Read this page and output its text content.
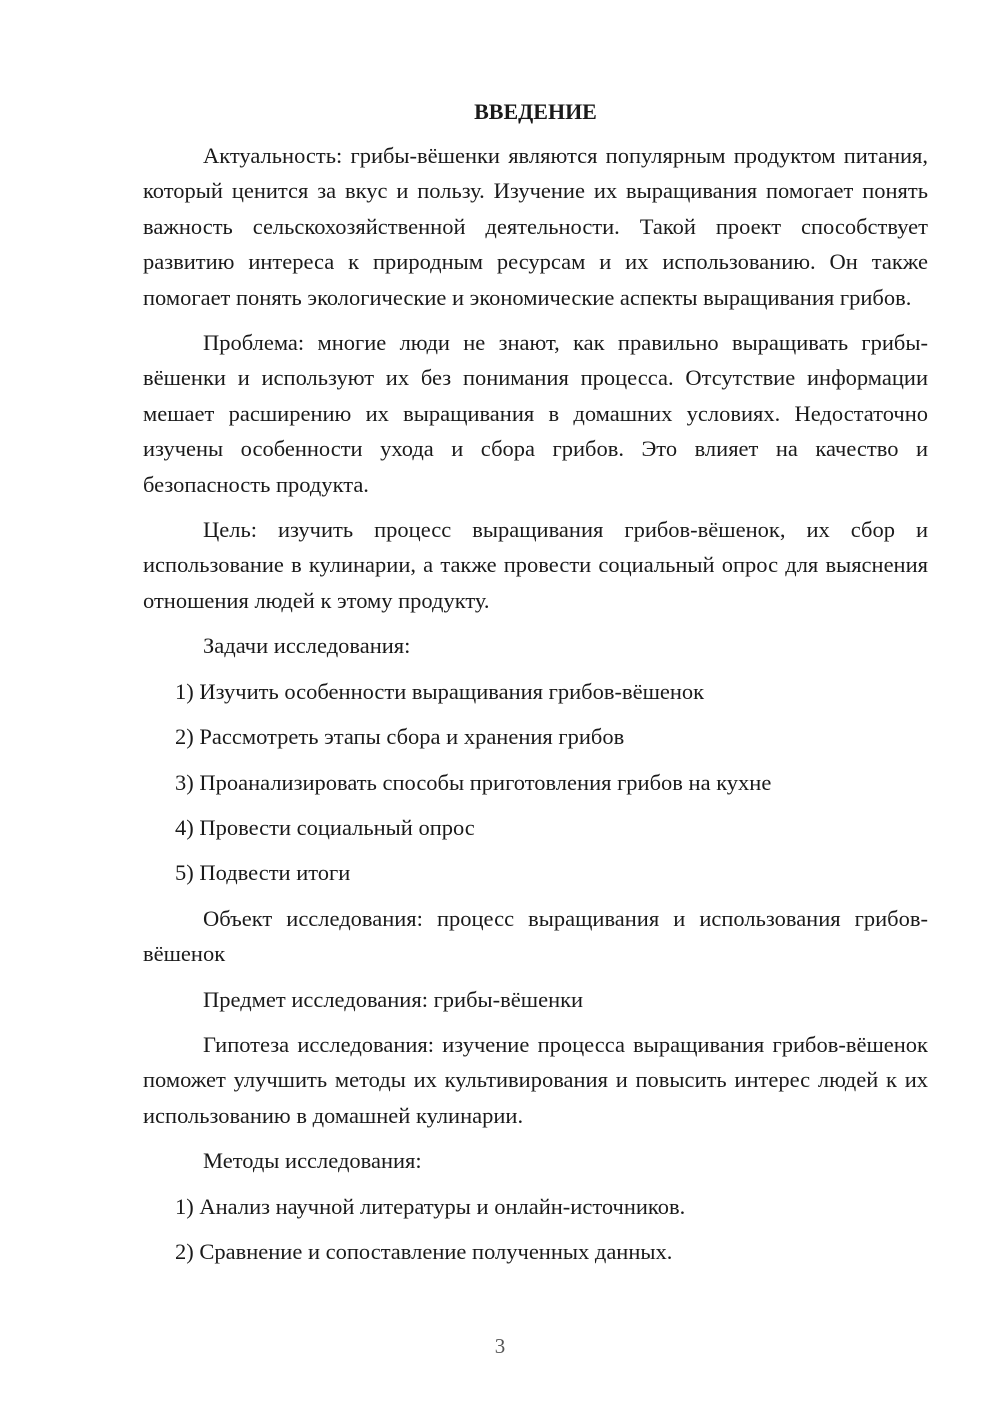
ВВЕДЕНИЕ

Актуальность: грибы-вёшенки являются популярным продуктом питания, который ценится за вкус и пользу. Изучение их выращивания помогает понять важность сельскохозяйственной деятельности. Такой проект способствует развитию интереса к природным ресурсам и их использованию. Он также помогает понять экологические и экономические аспекты выращивания грибов.

Проблема: многие люди не знают, как правильно выращивать грибы-вёшенки и используют их без понимания процесса. Отсутствие информации мешает расширению их выращивания в домашних условиях. Недостаточно изучены особенности ухода и сбора грибов. Это влияет на качество и безопасность продукта.

Цель: изучить процесс выращивания грибов-вёшенок, их сбор и использование в кулинарии, а также провести социальный опрос для выяснения отношения людей к этому продукту.

Задачи исследования:

1) Изучить особенности выращивания грибов-вёшенок

2) Рассмотреть этапы сбора и хранения грибов

3) Проанализировать способы приготовления грибов на кухне

4) Провести социальный опрос

5) Подвести итоги

Объект исследования: процесс выращивания и использования грибов-вёшенок

Предмет исследования: грибы-вёшенки

Гипотеза исследования: изучение процесса выращивания грибов-вёшенок поможет улучшить методы их культивирования и повысить интерес людей к их использованию в домашней кулинарии.

Методы исследования:

1) Анализ научной литературы и онлайн-источников.

2) Сравнение и сопоставление полученных данных.

3
